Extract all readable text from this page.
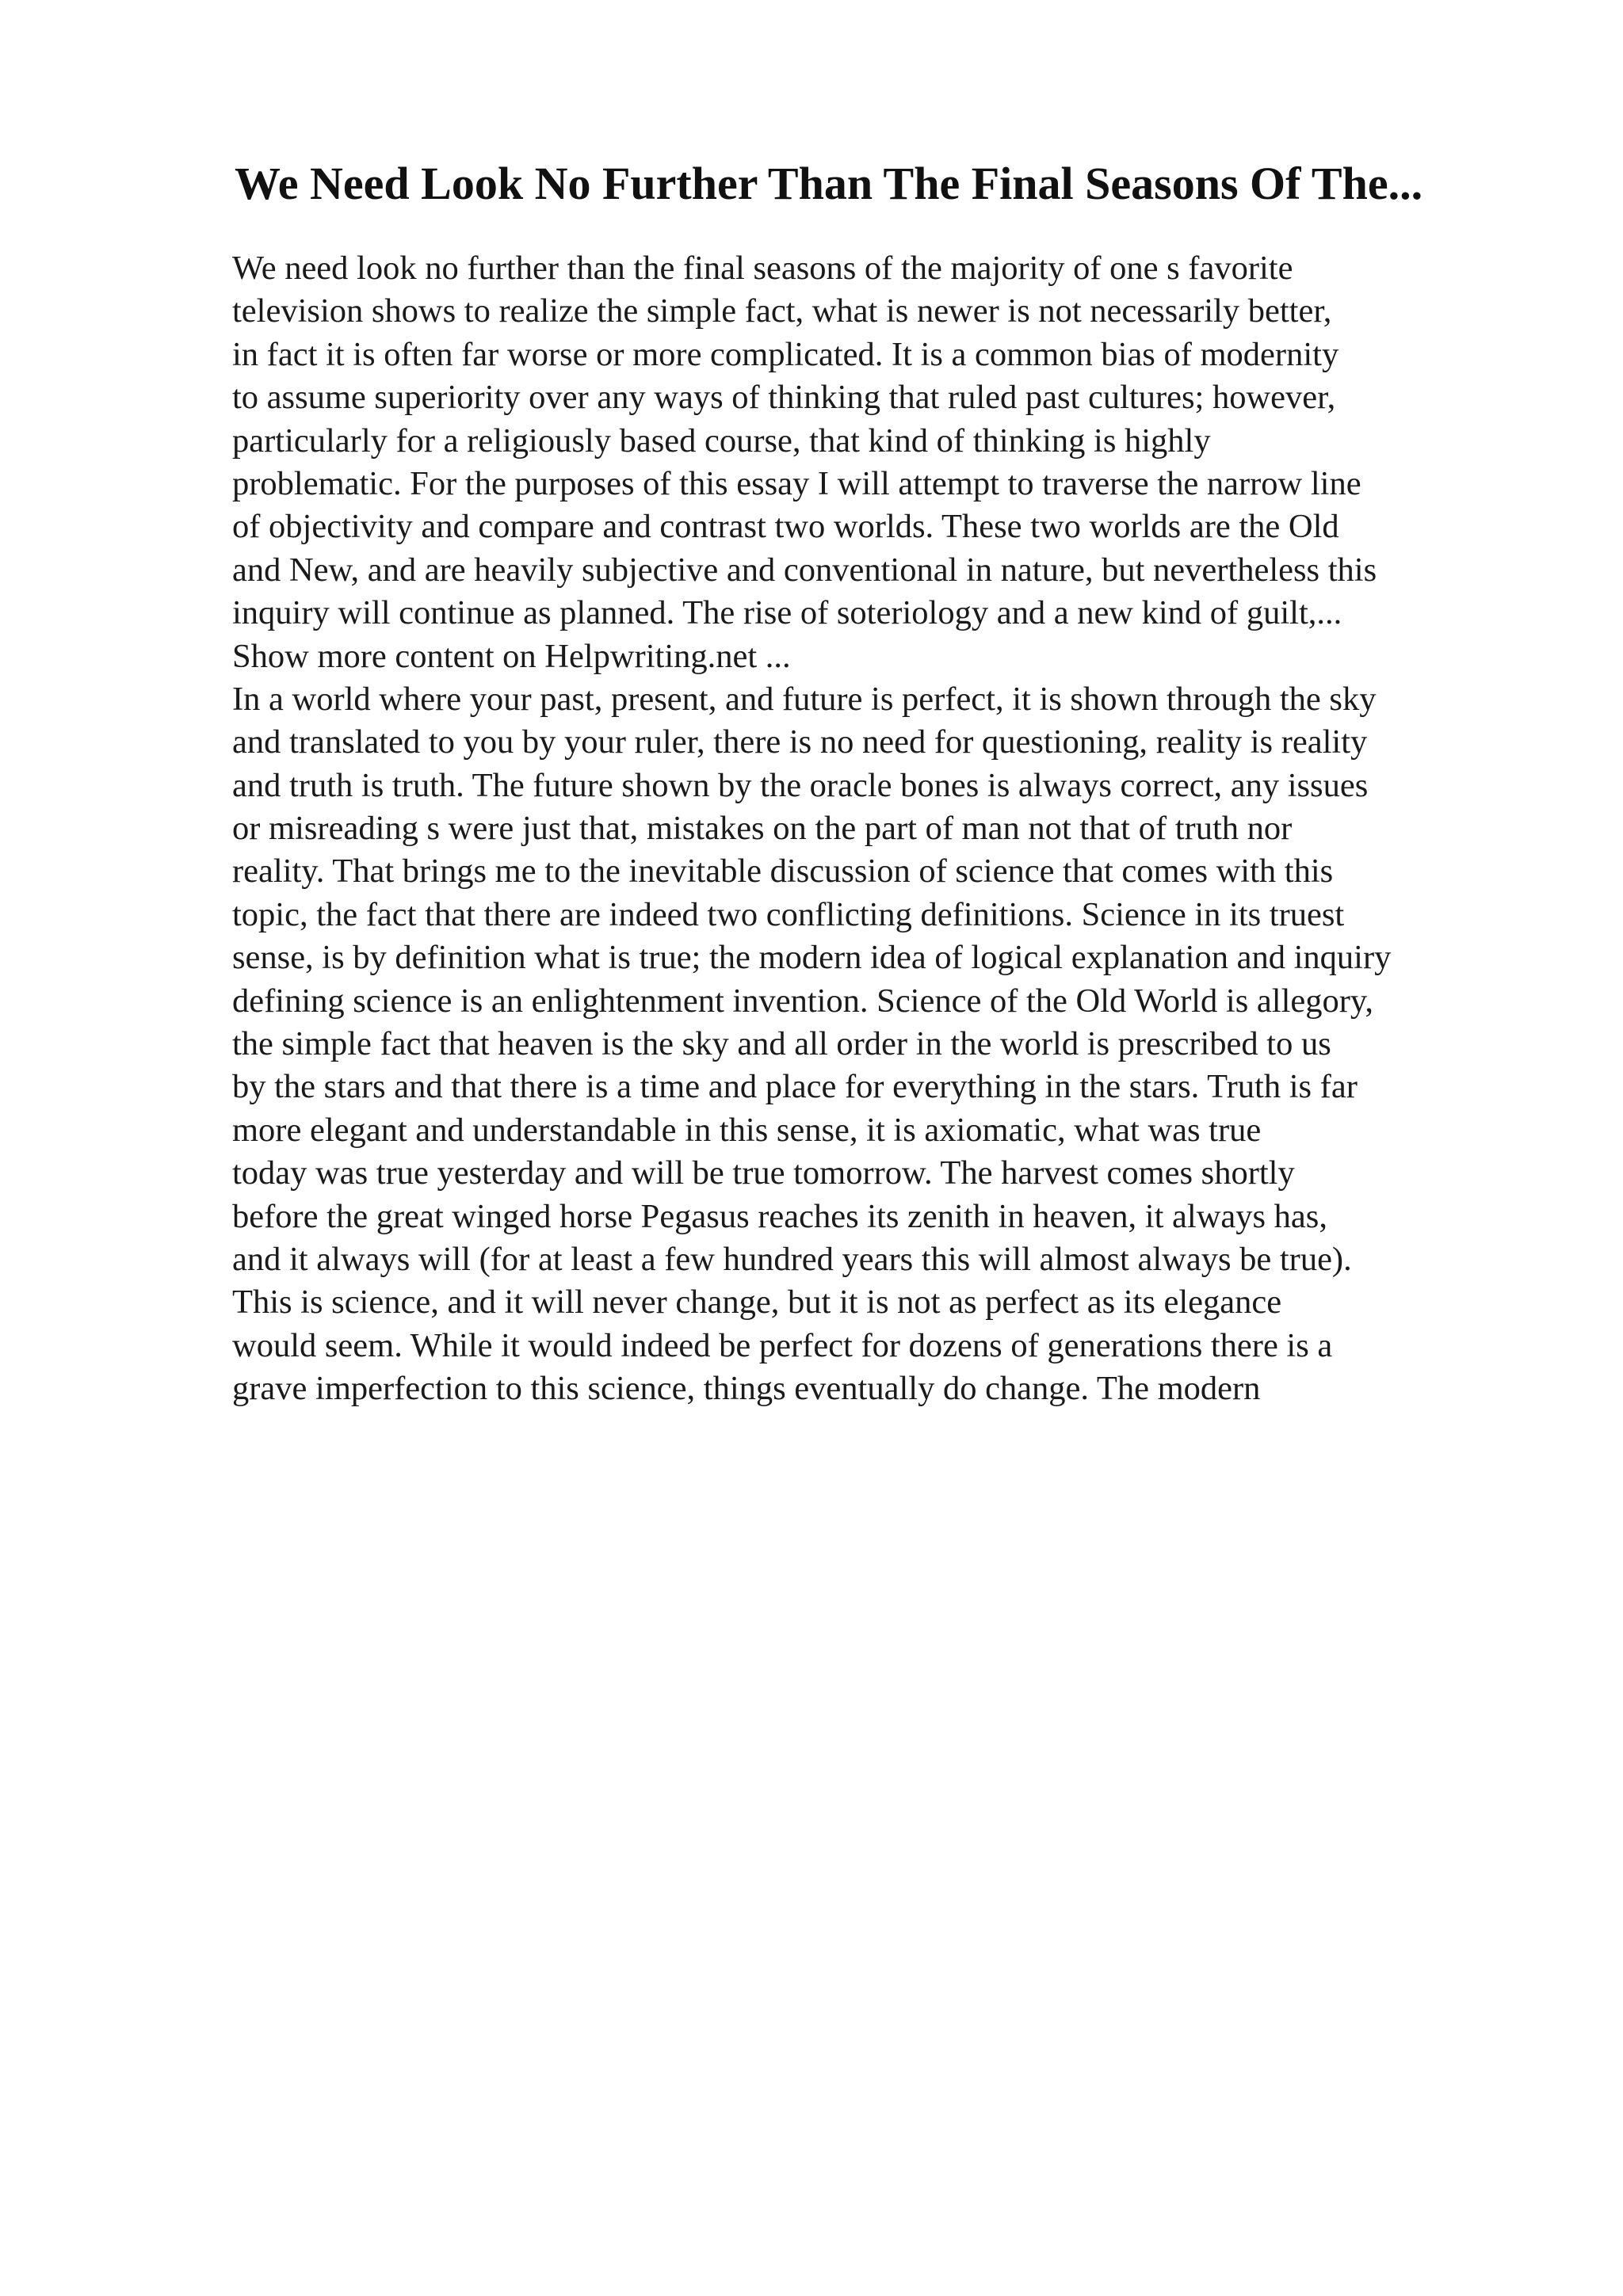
We Need Look No Further Than The Final Seasons Of The...
We need look no further than the final seasons of the majority of one s favorite
television shows to realize the simple fact, what is newer is not necessarily better,
in fact it is often far worse or more complicated. It is a common bias of modernity
to assume superiority over any ways of thinking that ruled past cultures; however,
particularly for a religiously based course, that kind of thinking is highly
problematic. For the purposes of this essay I will attempt to traverse the narrow line
of objectivity and compare and contrast two worlds. These two worlds are the Old
and New, and are heavily subjective and conventional in nature, but nevertheless this
inquiry will continue as planned. The rise of soteriology and a new kind of guilt,...
Show more content on Helpwriting.net ...
In a world where your past, present, and future is perfect, it is shown through the sky
and translated to you by your ruler, there is no need for questioning, reality is reality
and truth is truth. The future shown by the oracle bones is always correct, any issues
or misreading s were just that, mistakes on the part of man not that of truth nor
reality. That brings me to the inevitable discussion of science that comes with this
topic, the fact that there are indeed two conflicting definitions. Science in its truest
sense, is by definition what is true; the modern idea of logical explanation and inquiry
defining science is an enlightenment invention. Science of the Old World is allegory,
the simple fact that heaven is the sky and all order in the world is prescribed to us
by the stars and that there is a time and place for everything in the stars. Truth is far
more elegant and understandable in this sense, it is axiomatic, what was true
today was true yesterday and will be true tomorrow. The harvest comes shortly
before the great winged horse Pegasus reaches its zenith in heaven, it always has,
and it always will (for at least a few hundred years this will almost always be true).
This is science, and it will never change, but it is not as perfect as its elegance
would seem. While it would indeed be perfect for dozens of generations there is a
grave imperfection to this science, things eventually do change. The modern
